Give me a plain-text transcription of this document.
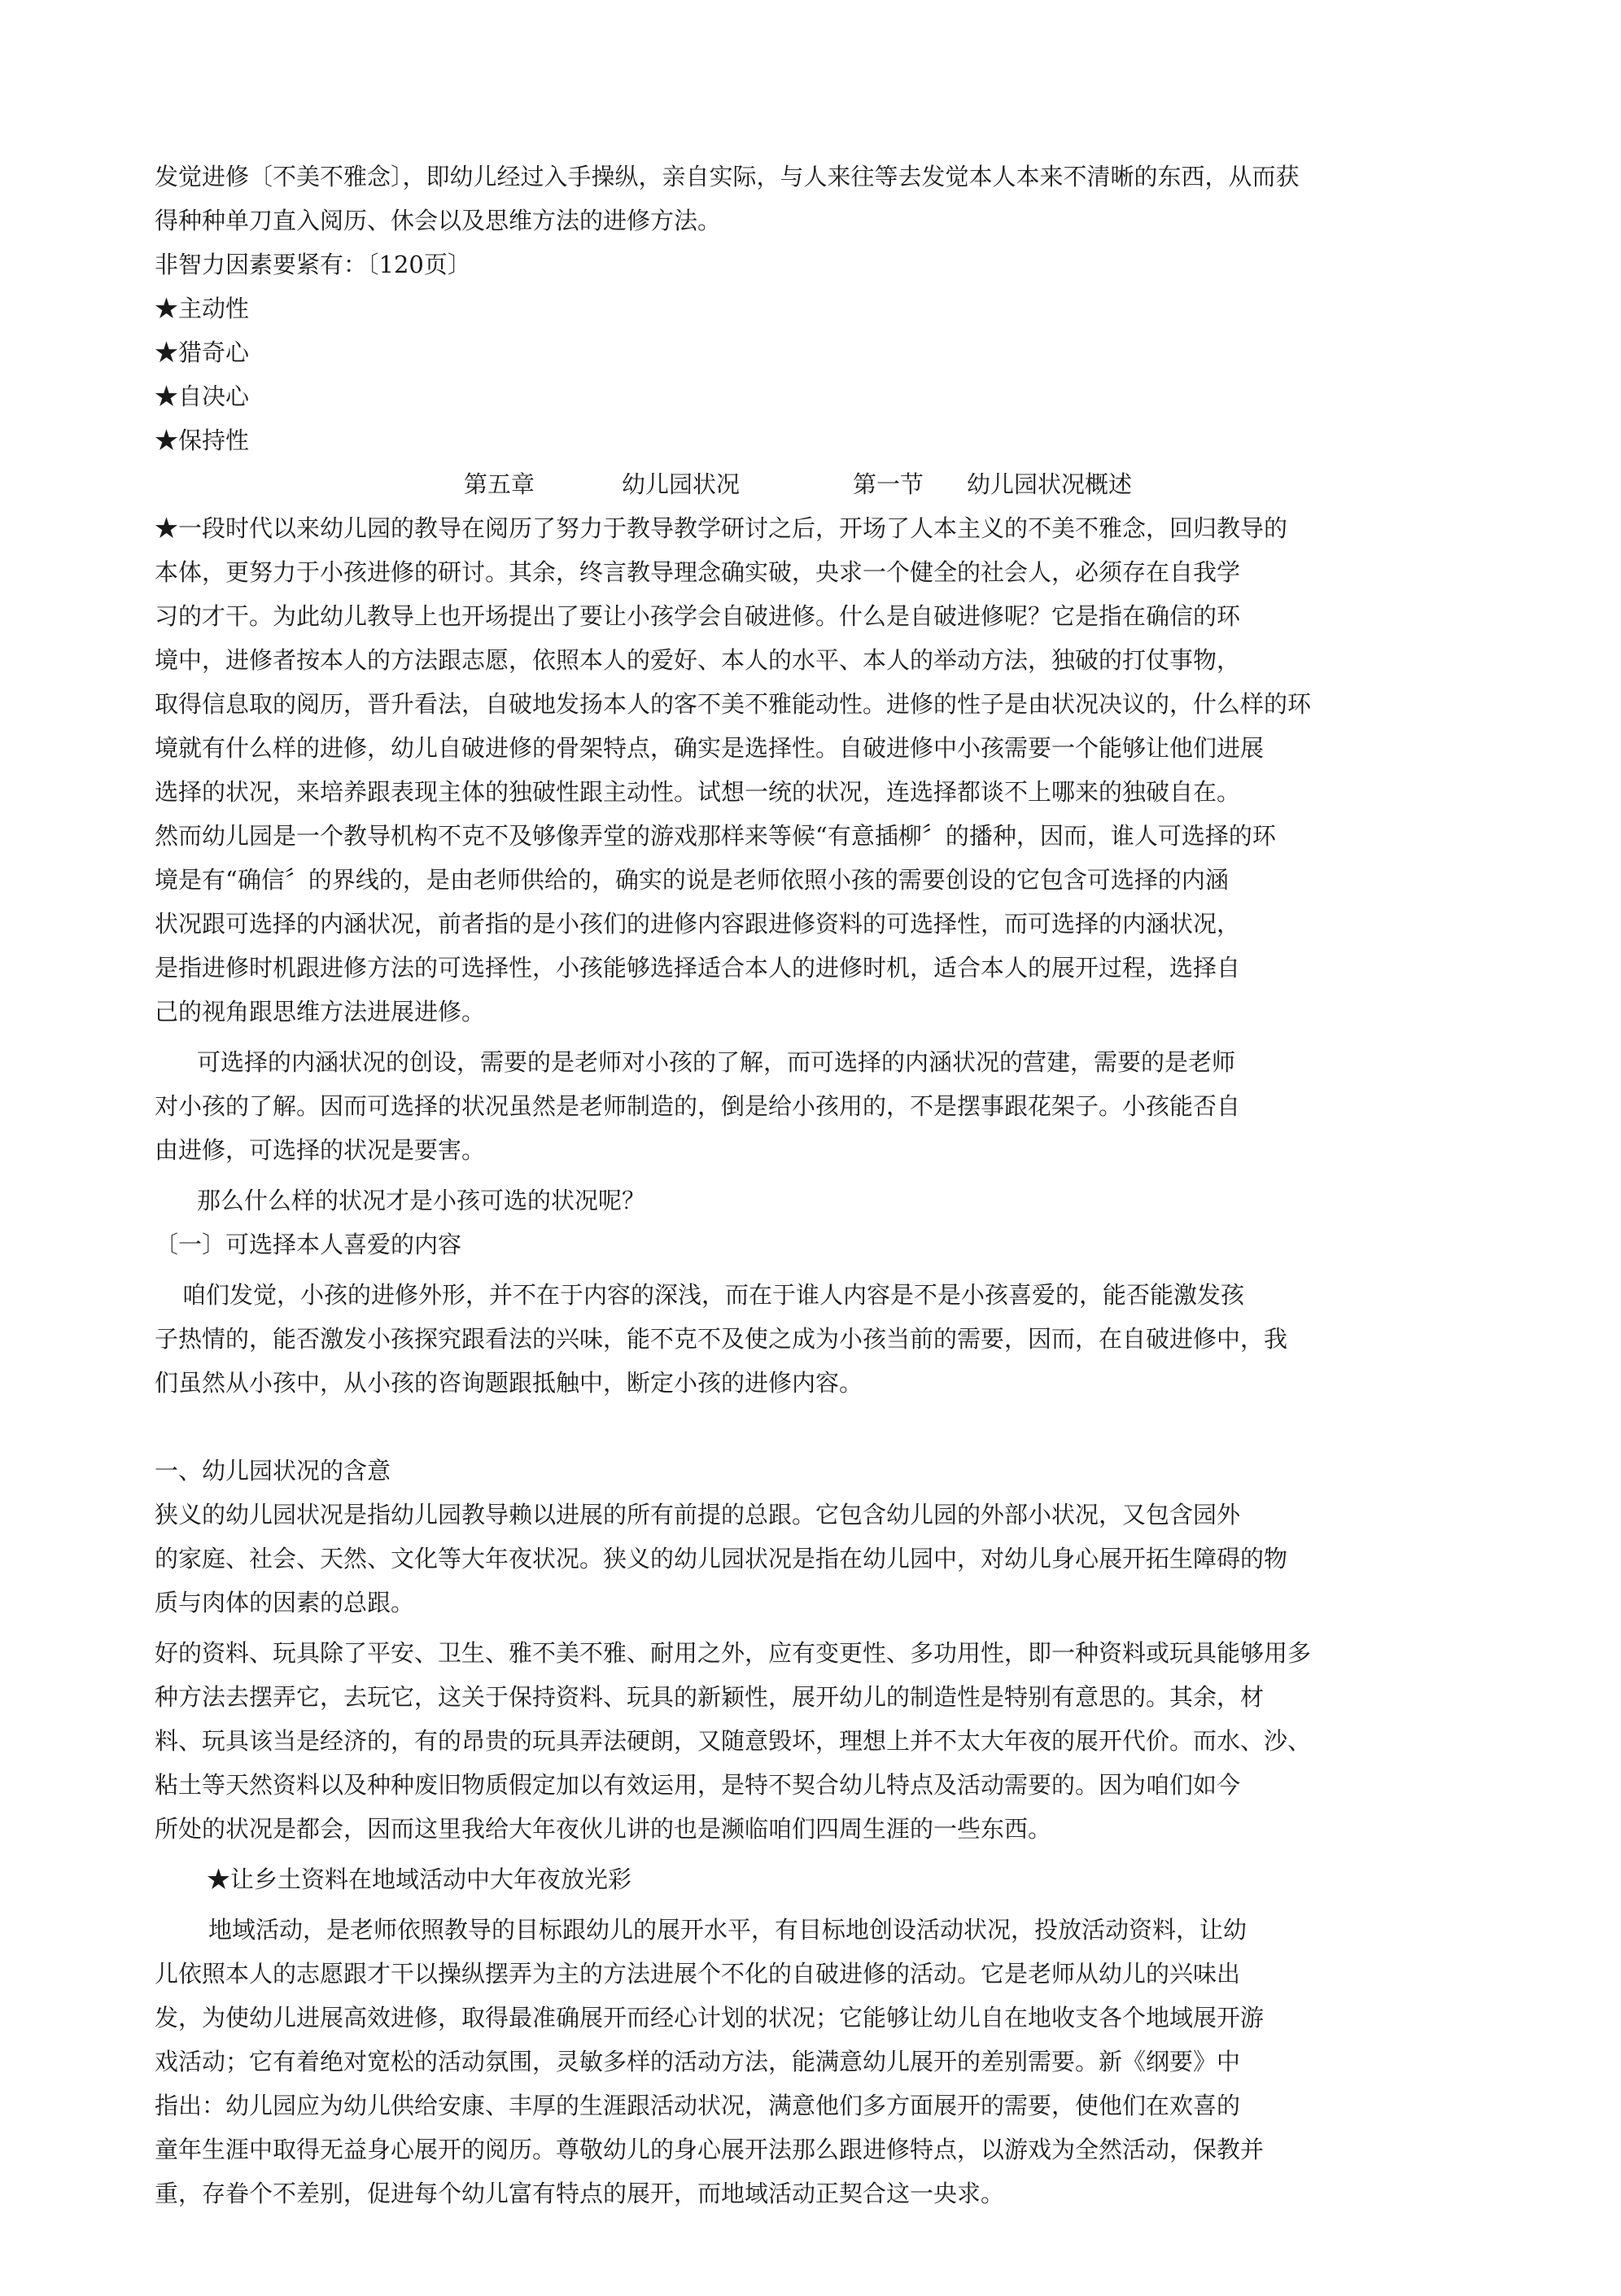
发觉进修〔不美不雅念〕，即幼儿经过入手操纵，亲自实际，与人来往等去发觉本人本来不清晰的东西，从而获
得种种单刀直入阅历、休会以及思维方法的进修方法。
非智力因素要紧有：〔120页〕
★主动性
★猎奇心
★自决心
★保持性
第五章	幼儿园状况	第一节 幼儿园状况概述
★一段时代以来幼儿园的教导在阅历了努力于教导教学研讨之后，开场了人本主义的不美不雅念，回归教导的
本体，更努力于小孩进修的研讨。其余，终言教导理念确实破，央求一个健全的社会人，必须存在自我学
习的才干。为此幼儿教导上也开场提出了要让小孩学会自破进修。什么是自破进修呢？它是指在确信的环
境中，进修者按本人的方法跟志愿，依照本人的爱好、本人的水平、本人的举动方法，独破的打仗事物，
取得信息取的阅历，晋升看法，自破地发扬本人的客不美不雅能动性。进修的性子是由状况决议的，什么样的环
境就有什么样的进修，幼儿自破进修的骨架特点，确实是选择性。自破进修中小孩需要一个能够让他们进展
选择的状况，来培养跟表现主体的独破性跟主动性。试想一统的状况，连选择都谈不上哪来的独破自在。
然而幼儿园是一个教导机构不克不及够像弄堂的游戏那样来等候“有意插柳〞的播种，因而，谁人可选择的环
境是有“确信〞的界线的，是由老师供给的，确实的说是老师依照小孩的需要创设的它包含可选择的内涵
状况跟可选择的内涵状况，前者指的是小孩们的进修内容跟进修资料的可选择性，而可选择的内涵状况，
是指进修时机跟进修方法的可选择性，小孩能够选择适合本人的进修时机，适合本人的展开过程，选择自
己的视角跟思维方法进展进修。
可选择的内涵状况的创设，需要的是老师对小孩的了解，而可选择的内涵状况的营建，需要的是老师
对小孩的了解。因而可选择的状况虽然是老师制造的，倒是给小孩用的，不是摆事跟花架子。小孩能否自
由进修，可选择的状况是要害。
那么什么样的状况才是小孩可选的状况呢？
〔一〕可选择本人喜爱的内容
咱们发觉，小孩的进修外形，并不在于内容的深浅，而在于谁人内容是不是小孩喜爱的，能否能激发孩
子热情的，能否激发小孩探究跟看法的兴味，能不克不及使之成为小孩当前的需要，因而，在自破进修中，我
们虽然从小孩中，从小孩的咨询题跟抵触中，断定小孩的进修内容。
一、幼儿园状况的含意
狭义的幼儿园状况是指幼儿园教导赖以进展的所有前提的总跟。它包含幼儿园的外部小状况，又包含园外
的家庭、社会、天然、文化等大年夜状况。狭义的幼儿园状况是指在幼儿园中，对幼儿身心展开拓生障碍的物
质与肉体的因素的总跟。
好的资料、玩具除了平安、卫生、雅不美不雅、耐用之外，应有变更性、多功用性，即一种资料或玩具能够用多
种方法去摆弄它，去玩它，这关于保持资料、玩具的新颖性，展开幼儿的制造性是特别有意思的。其余，材
料、玩具该当是经济的，有的昂贵的玩具弄法硬朗，又随意毁坏，理想上并不太大年夜的展开代价。而水、沙、
粘土等天然资料以及种种废旧物质假定加以有效运用，是特不契合幼儿特点及活动需要的。因为咱们如今
所处的状况是都会，因而这里我给大年夜伙儿讲的也是濒临咱们四周生涯的一些东西。
★让乡土资料在地域活动中大年夜放光彩
地域活动，是老师依照教导的目标跟幼儿的展开水平，有目标地创设活动状况，投放活动资料，让幼
儿依照本人的志愿跟才干以操纵摆弄为主的方法进展个不化的自破进修的活动。它是老师从幼儿的兴味出
发，为使幼儿进展高效进修，取得最准确展开而经心计划的状况；它能够让幼儿自在地收支各个地域展开游
戏活动；它有着绝对宽松的活动氛围，灵敏多样的活动方法，能满意幼儿展开的差别需要。新《纲要》中
指出：幼儿园应为幼儿供给安康、丰厚的生涯跟活动状况，满意他们多方面展开的需要，使他们在欢喜的
童年生涯中取得无益身心展开的阅历。尊敬幼儿的身心展开法那么跟进修特点，以游戏为全然活动，保教并
重，存眷个不差别，促进每个幼儿富有特点的展开，而地域活动正契合这一央求。
